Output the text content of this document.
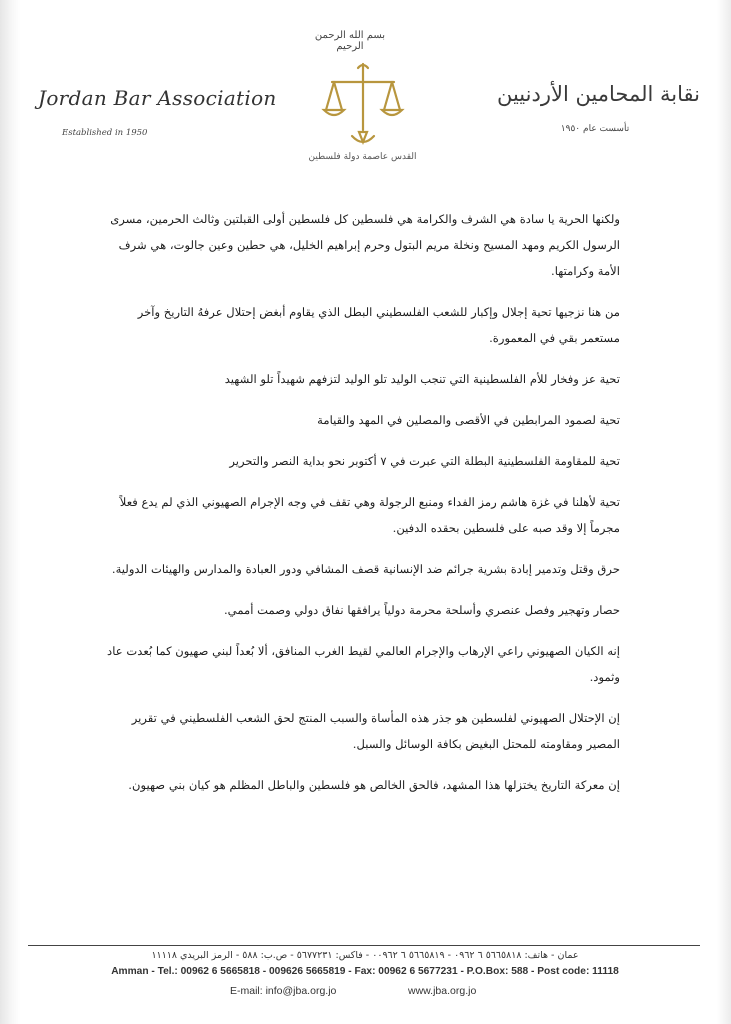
Jordan Bar Association
Established in 1950
بسم الله الرحمن الرحيم
القدس عاصمة دولة فلسطين
نقابة المحامين الأردنيين
تأسست عام ١٩٥٠

ولكنها الحرية يا سادة هي الشرف والكرامة هي فلسطين كل فلسطين أولى القبلتين وثالث الحرمين، مسرى الرسول الكريم ومهد المسيح ونخلة مريم البتول وحرم إبراهيم الخليل، هي حطين وعين جالوت، هي شرف الأمة وكرامتها.

من هنا نزجيها تحية إجلال وإكبار للشعب الفلسطيني البطل الذي يقاوم أبغض إحتلال عرفهُ التاريخ وآخر مستعمر بقي في المعمورة.

تحية عز وفخار للأم الفلسطينية التي تنجب الوليد تلو الوليد لتزفهم شهيداً تلو الشهيد

تحية لصمود المرابطين في الأقصى والمصلين في المهد والقيامة

تحية للمقاومة الفلسطينية البطلة التي عبرت في ٧ أكتوبر نحو بداية النصر والتحرير

تحية لأهلنا في غزة هاشم رمز الفداء ومنبع الرجولة وهي تقف في وجه الإجرام الصهيوني الذي لم يدع فعلاً مجرماً إلا وقد صبه على فلسطين بحقده الدفين.

حرق وقتل وتدمير إبادة بشرية جرائم ضد الإنسانية قصف المشافي ودور العبادة والمدارس والهيئات الدولية.

حصار وتهجير وفصل عنصري وأسلحة محرمة دولياً يرافقها نفاق دولي وصمت أممي.

إنه الكيان الصهيوني راعي الإرهاب والإجرام العالمي لقيط الغرب المنافق، ألا بُعداً لبني صهيون كما بُعدت عاد وثمود.

إن الإحتلال الصهيوني لفلسطين هو جذر هذه المأساة والسبب المنتج لحق الشعب الفلسطيني في تقرير المصير ومقاومته للمحتل البغيض بكافة الوسائل والسبل.

إن معركة التاريخ يختزلها هذا المشهد، فالحق الخالص هو فلسطين والباطل المظلم هو كيان بني صهيون.

عمان - هاتف: ٥٦٦٥٨١٨ ٦ ٠٩٦٢ - ٥٦٦٥٨١٩ ٦ ٠٠٩٦٢ - فاكس: ٥٦٧٧٢٣١ - ص.ب: ٥٨٨ - الرمز البريدي ١١١١٨
Amman - Tel.: 00962 6 5665818 - 009626 5665819 - Fax: 00962 6 5677231 - P.O.Box: 588 - Post code: 11118
E-mail: info@jba.org.jo	www.jba.org.jo
